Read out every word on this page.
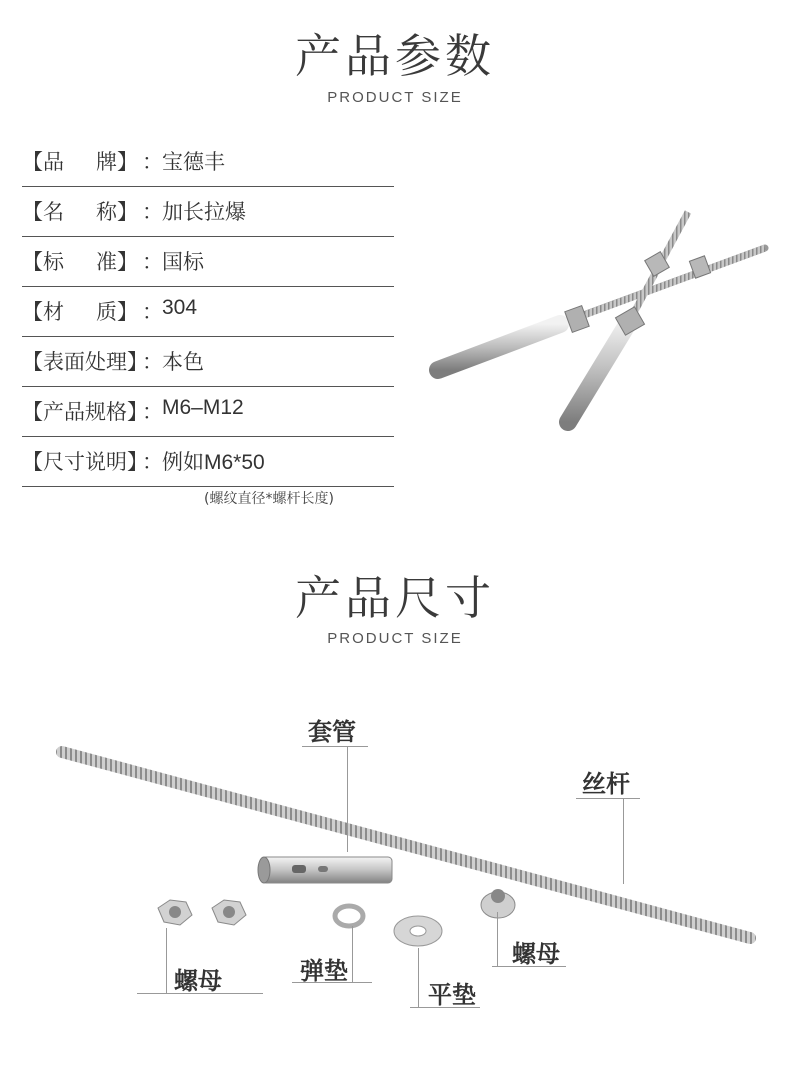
产品参数
PRODUCT SIZE
【品 牌】 ： 宝德丰
【名 称】 ： 加长拉爆
【标 准】 ： 国标
【材 质】 ： 304
【表面处理】
： 本色
【产品规格】
： M6–M12
【尺寸说明】
： 例如M6*50
(螺纹直径*螺杆长度)
产品尺寸
PRODUCT SIZE
套管
丝杆
螺母	弹垫
平垫
螺母
